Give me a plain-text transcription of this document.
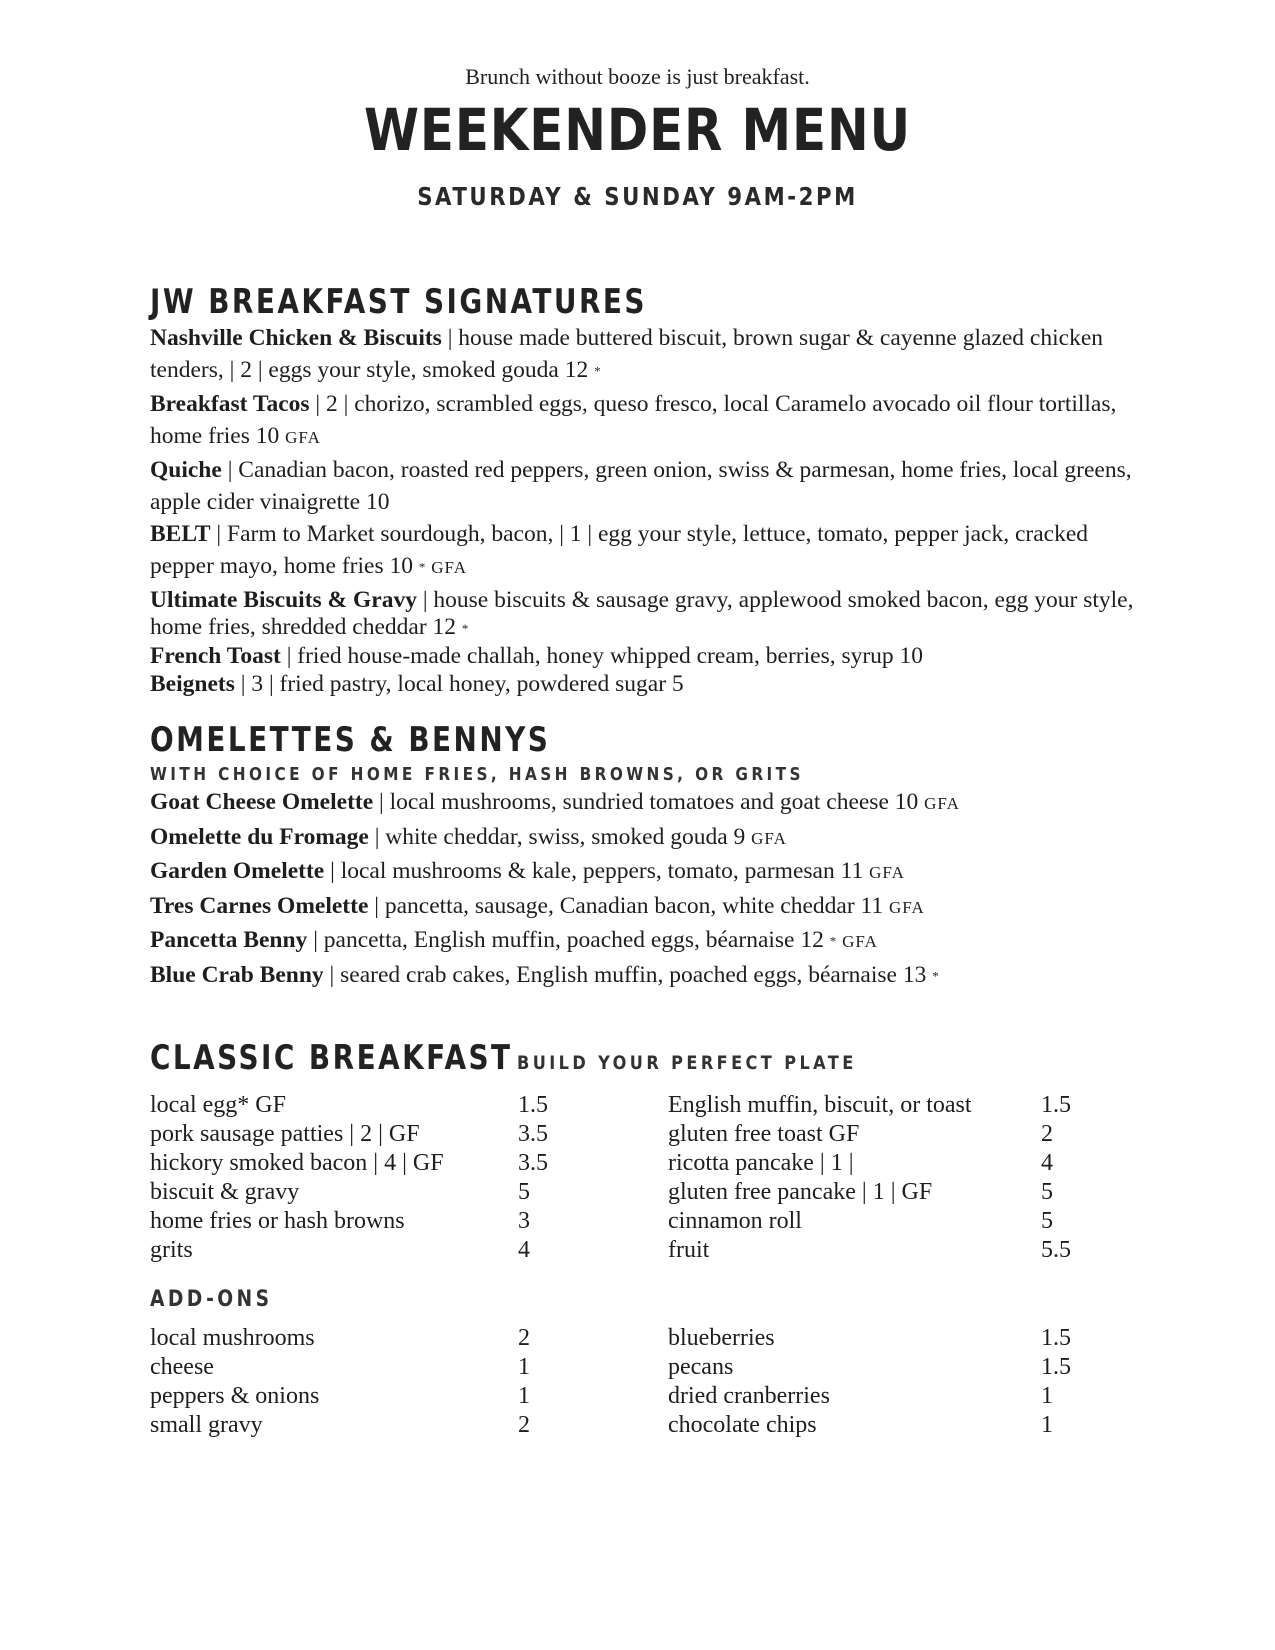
Brunch without booze is just breakfast.
WEEKENDER MENU
SATURDAY & SUNDAY 9AM-2PM
JW BREAKFAST SIGNATURES
Nashville Chicken & Biscuits | house made buttered biscuit, brown sugar & cayenne glazed chicken tenders, | 2 | eggs your style, smoked gouda 12 *
Breakfast Tacos | 2 | chorizo, scrambled eggs, queso fresco, local Caramelo avocado oil flour tortillas, home fries 10 GFA
Quiche | Canadian bacon, roasted red peppers, green onion, swiss & parmesan, home fries, local greens, apple cider vinaigrette 10
BELT | Farm to Market sourdough, bacon, | 1 | egg your style, lettuce, tomato, pepper jack, cracked pepper mayo, home fries 10 * GFA
Ultimate Biscuits & Gravy | house biscuits & sausage gravy, applewood smoked bacon, egg your style, home fries, shredded cheddar 12 *
French Toast | fried house-made challah, honey whipped cream, berries, syrup 10
Beignets | 3 | fried pastry, local honey, powdered sugar 5
OMELETTES & BENNYS
WITH CHOICE OF HOME FRIES, HASH BROWNS, OR GRITS
Goat Cheese Omelette | local mushrooms, sundried tomatoes and goat cheese 10 GFA
Omelette du Fromage | white cheddar, swiss, smoked gouda 9 GFA
Garden Omelette | local mushrooms & kale, peppers, tomato, parmesan 11 GFA
Tres Carnes Omelette | pancetta, sausage, Canadian bacon, white cheddar 11 GFA
Pancetta Benny | pancetta, English muffin, poached eggs, béarnaise 12 * GFA
Blue Crab Benny | seared crab cakes, English muffin, poached eggs, béarnaise 13 *
CLASSIC BREAKFAST BUILD YOUR PERFECT PLATE
local egg* GF	1.5	English muffin, biscuit, or toast	1.5
pork sausage patties | 2 | GF	3.5	gluten free toast GF	2
hickory smoked bacon | 4 | GF	3.5	ricotta pancake | 1 |	4
biscuit & gravy	5	gluten free pancake | 1 | GF	5
home fries or hash browns	3	cinnamon roll	5
grits	4	fruit	5.5
ADD-ONS
local mushrooms	2	blueberries	1.5
cheese	1	pecans	1.5
peppers & onions	1	dried cranberries	1
small gravy	2	chocolate chips	1
